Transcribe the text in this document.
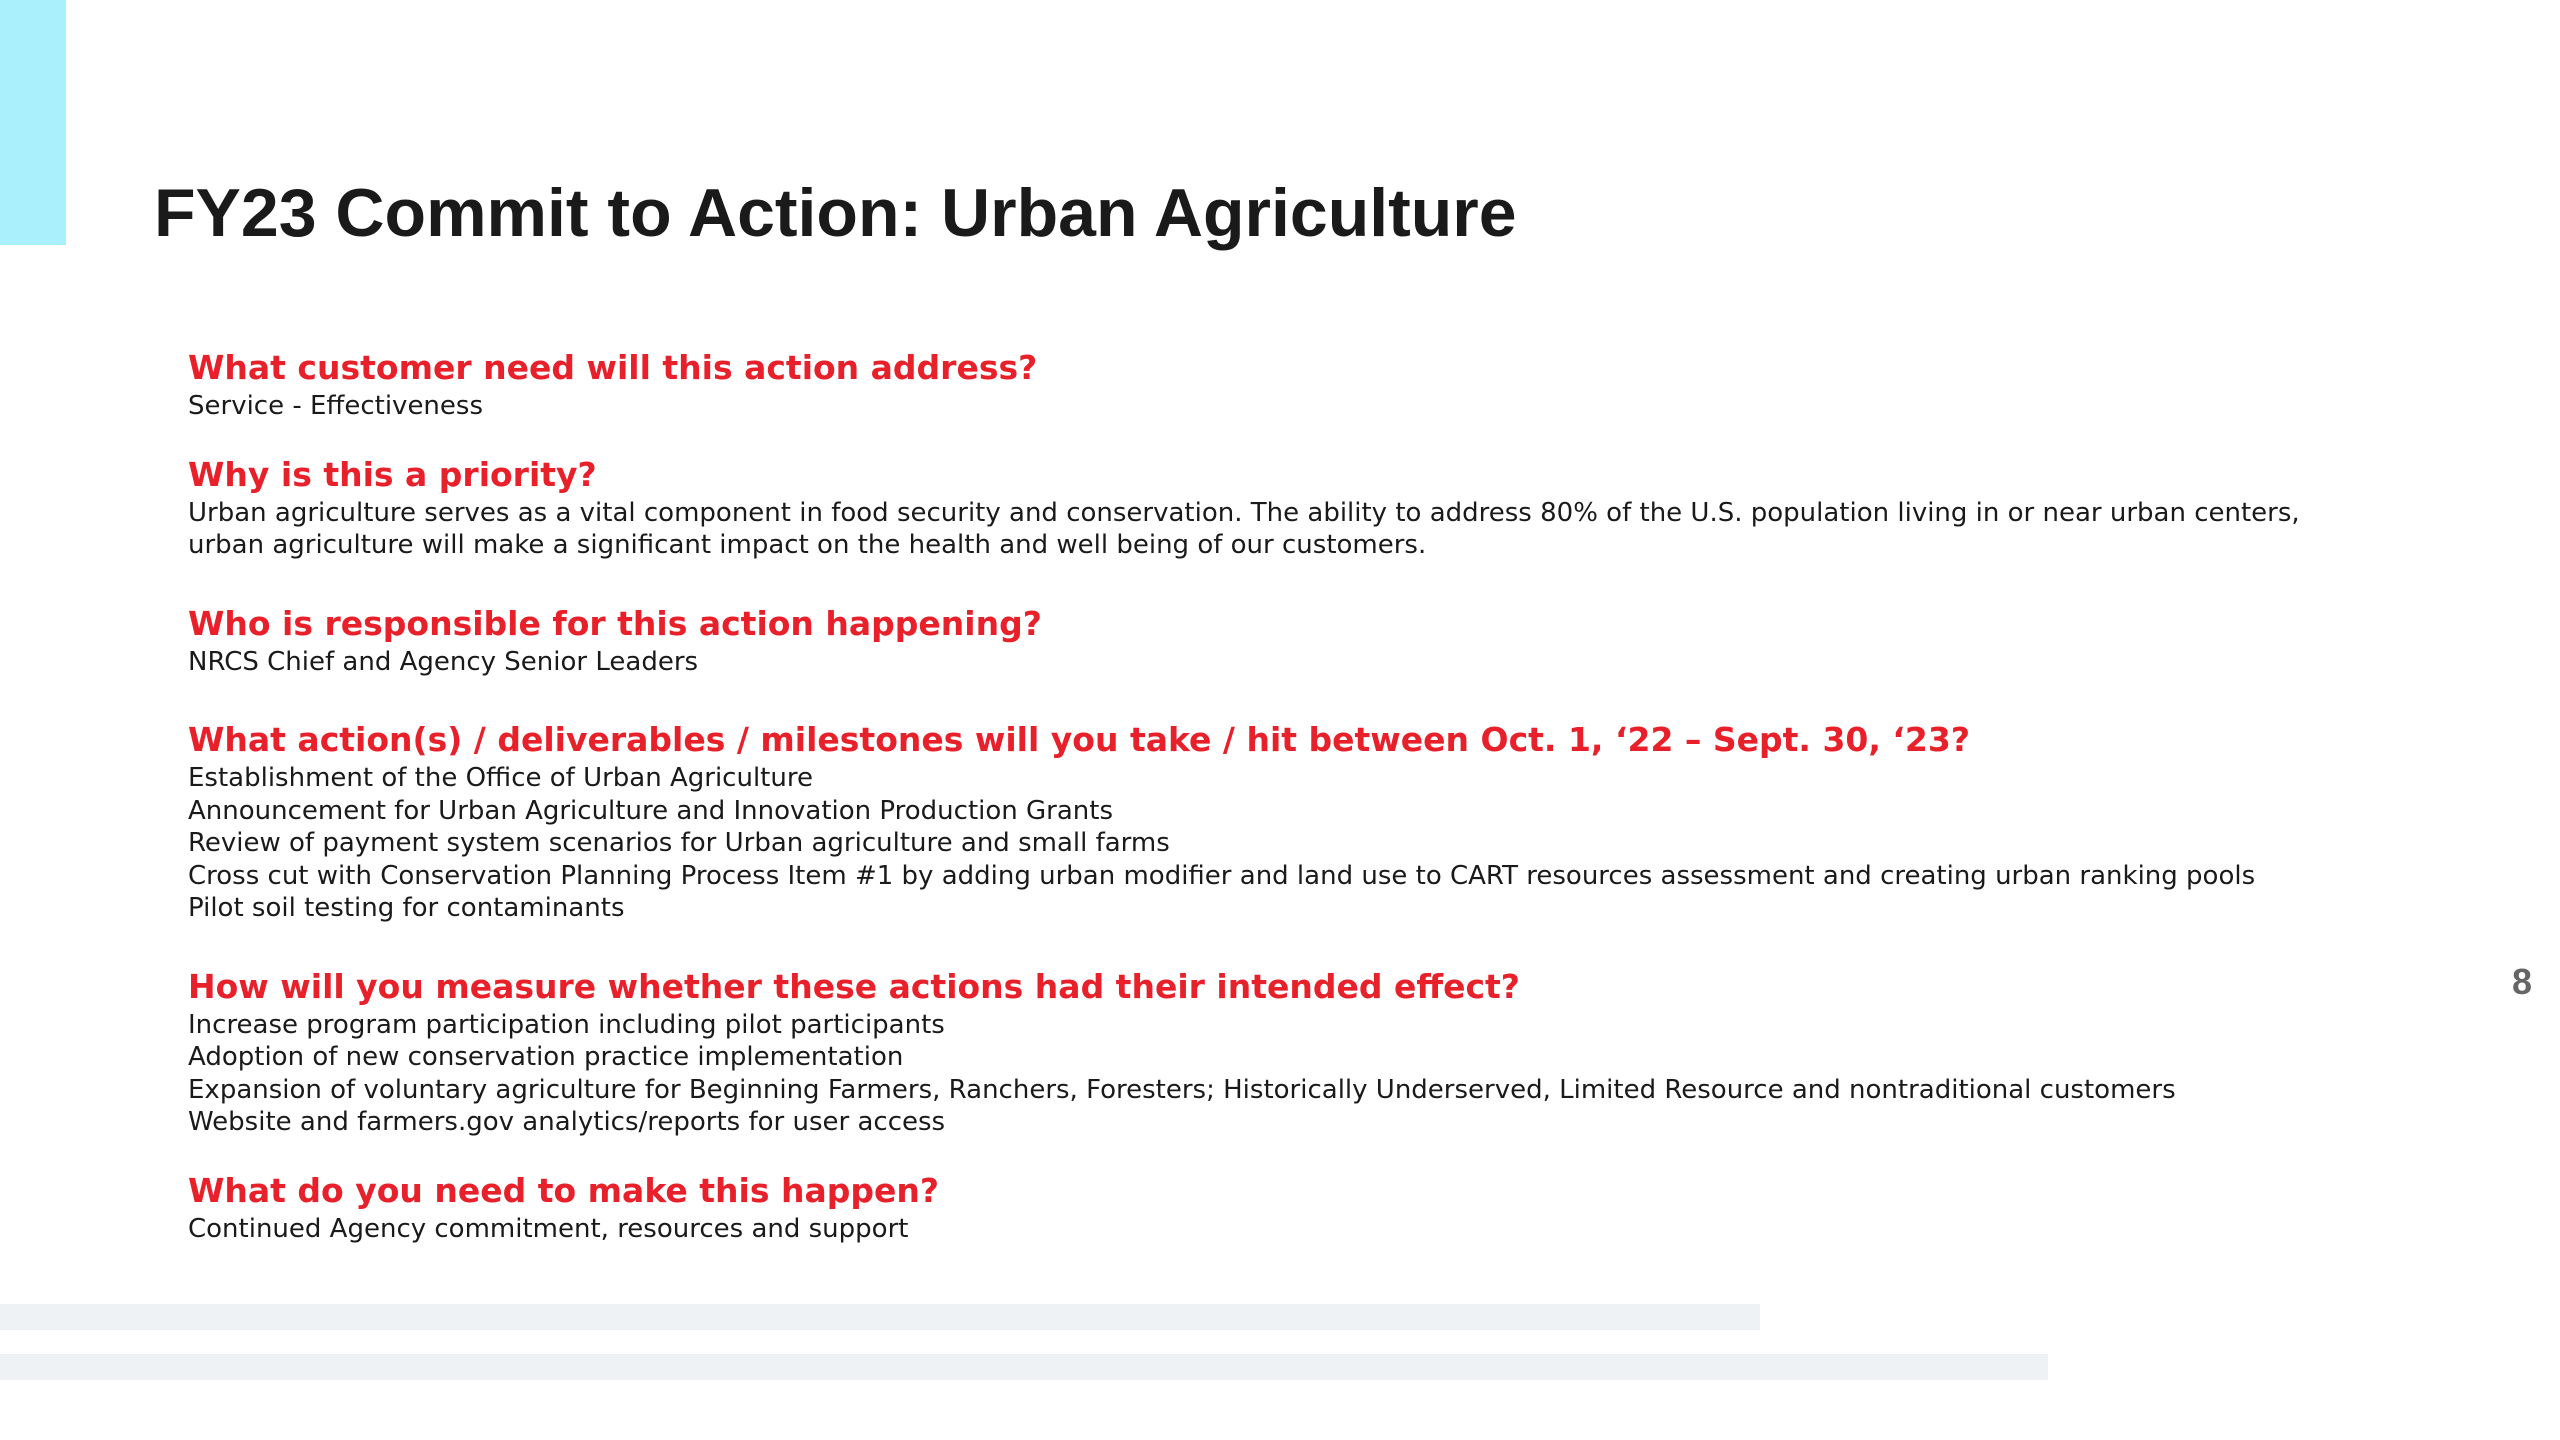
FY23 Commit to Action: Urban Agriculture
What customer need will this action address?
Service - Effectiveness
Why is this a priority?
Urban agriculture serves as a vital component in food security and conservation. The ability to address 80% of the U.S. population living in or near urban centers, urban agriculture will make a significant impact on the health and well being of our customers.
Who is responsible for this action happening?
NRCS Chief and Agency Senior Leaders
What action(s) / deliverables / milestones will you take / hit between Oct. 1, ‘22 – Sept. 30, ‘23?
Establishment of the Office of Urban Agriculture
Announcement for Urban Agriculture and Innovation Production Grants
Review of payment system scenarios for Urban agriculture and small farms
Cross cut with Conservation Planning Process Item #1 by adding urban modifier and land use to CART resources assessment and creating urban ranking pools
Pilot soil testing for contaminants
How will you measure whether these actions had their intended effect?
Increase program participation including pilot participants
Adoption of new conservation practice implementation
Expansion of voluntary agriculture for Beginning Farmers, Ranchers, Foresters; Historically Underserved, Limited Resource and nontraditional customers
Website and farmers.gov analytics/reports for user access
What do you need to make this happen?
Continued Agency commitment, resources and support
8
